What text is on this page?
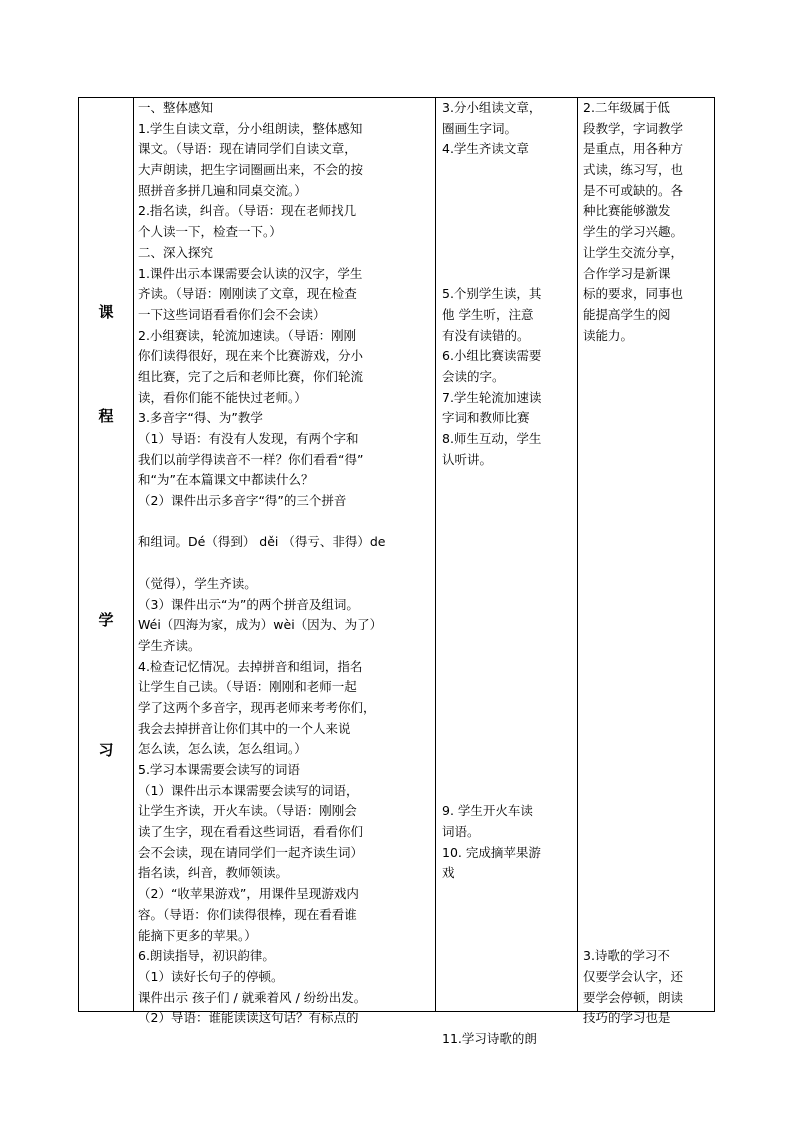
课
程
学
习
一、整体感知
1.学生自读文章，分小组朗读，整体感知
课文。（导语：现在请同学们自读文章，
大声朗读，把生字词圈画出来，不会的按
照拼音多拼几遍和同桌交流。）
2.指名读，纠音。（导语：现在老师找几
个人读一下，检查一下。）
二、深入探究
1.课件出示本课需要会认读的汉字，学生
齐读。（导语：刚刚读了文章，现在检查
一下这些词语看看你们会不会读）
2.小组赛读，轮流加速读。（导语：刚刚
你们读得很好，现在来个比赛游戏，分小
组比赛，完了之后和老师比赛，你们轮流
读，看你们能不能快过老师。）
3.多音字“得、为”教学
（1）导语：有没有人发现，有两个字和
我们以前学得读音不一样？你们看看“得”
和“为”在本篇课文中都读什么？
（2）课件出示多音字“得”的三个拼音
和组词。Dé（得到） děi （得亏、非得）de
（觉得），学生齐读。
（3）课件出示“为”的两个拼音及组词。
Wéi（四海为家，成为）wèi（因为、为了）
学生齐读。
4.检查记忆情况。去掉拼音和组词，指名
让学生自己读。（导语：刚刚和老师一起
学了这两个多音字，现再老师来考考你们，
我会去掉拼音让你们其中的一个人来说
怎么读，怎么读，怎么组词。）
5.学习本课需要会读写的词语
（1）课件出示本课需要会读写的词语，
让学生齐读，开火车读。（导语：刚刚会
读了生字，现在看看这些词语，看看你们
会不会读，现在请同学们一起齐读生词）
指名读，纠音，教师领读。
（2）“收苹果游戏”，用课件呈现游戏内
容。（导语：你们读得很棒，现在看看谁
能摘下更多的苹果。）
6.朗读指导，初识韵律。
（1）读好长句子的停顿。
课件出示 孩子们 / 就乘着风 / 纷纷出发。
（2）导语：谁能读读这句话？有标点的
3.分小组读文章，
圈画生字词。
4.学生齐读文章
5.个别学生读，其
他 学生听，注意
有没有读错的。
6.小组比赛读需要
会读的字。
7.学生轮流加速读
字词和教师比赛
8.师生互动，学生
认听讲。
9. 学生开火车读
词语。
10. 完成摘苹果游
戏
11.学习诗歌的朗
2.二年级属于低
段教学，字词教学
是重点，用各种方
式读，练习写，也
是不可或缺的。各
种比赛能够激发
学生的学习兴趣。
让学生交流分享，
合作学习是新课
标的要求，同事也
能提高学生的阅
读能力。
3.诗歌的学习不
仅要学会认字，还
要学会停顿，朗读
技巧的学习也是
